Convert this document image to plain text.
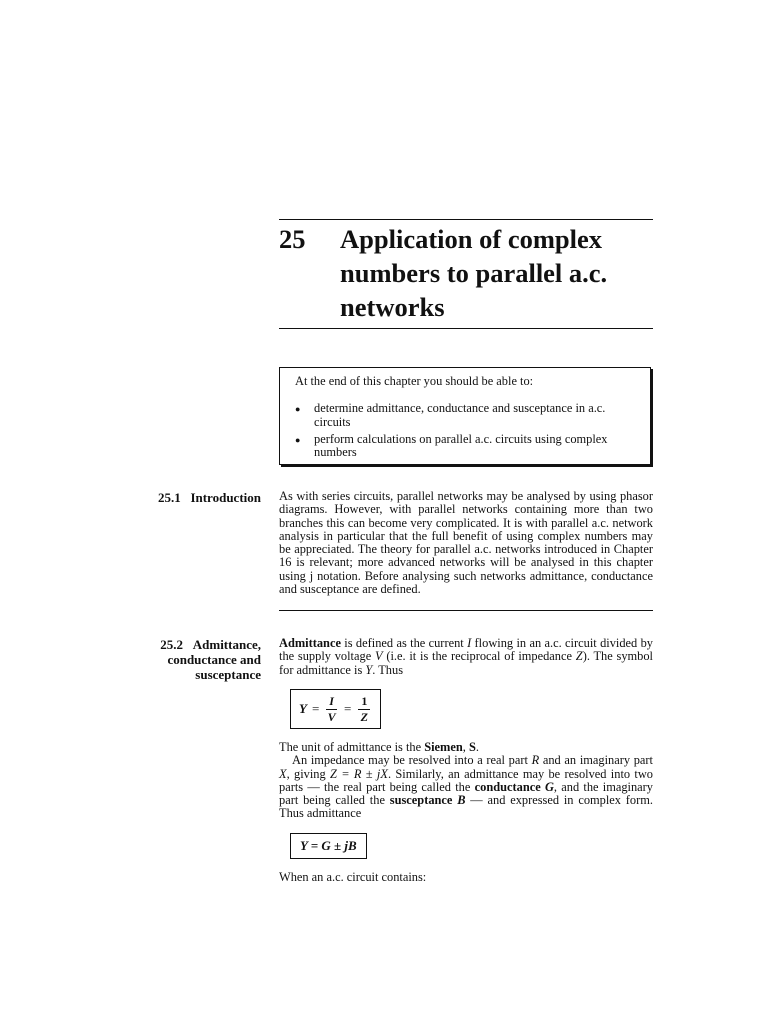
25 Application of complex numbers to parallel a.c. networks
At the end of this chapter you should be able to:
● determine admittance, conductance and susceptance in a.c. circuits
● perform calculations on parallel a.c. circuits using complex numbers
25.1 Introduction As with series circuits, parallel networks may be analysed by using phasor diagrams. However, with parallel networks containing more than two branches this can become very complicated. It is with parallel a.c. network analysis in particular that the full benefit of using complex numbers may be appreciated. The theory for parallel a.c. networks introduced in Chapter 16 is relevant; more advanced networks will be analysed in this chapter using j notation. Before analysing such networks admittance, conductance and susceptance are defined.

25.2 Admittance,
conductance and
susceptance

Admittance is defined as the current I flowing in an a.c. circuit divided by the supply voltage V (i.e. it is the reciprocal of impedance Z). The symbol for admittance is Y. Thus

$Y = \frac{I}{V} = \frac{1}{Z}$

The unit of admittance is the Siemen, S.

An impedance may be resolved into a real part R and an imaginary part X, giving Z = R ± jX. Similarly, an admittance may be resolved into two parts — the real part being called the conductance G, and the imaginary part being called the susceptance B — and expressed in complex form. Thus admittance

Y = G ± jB

When an a.c. circuit contains:
